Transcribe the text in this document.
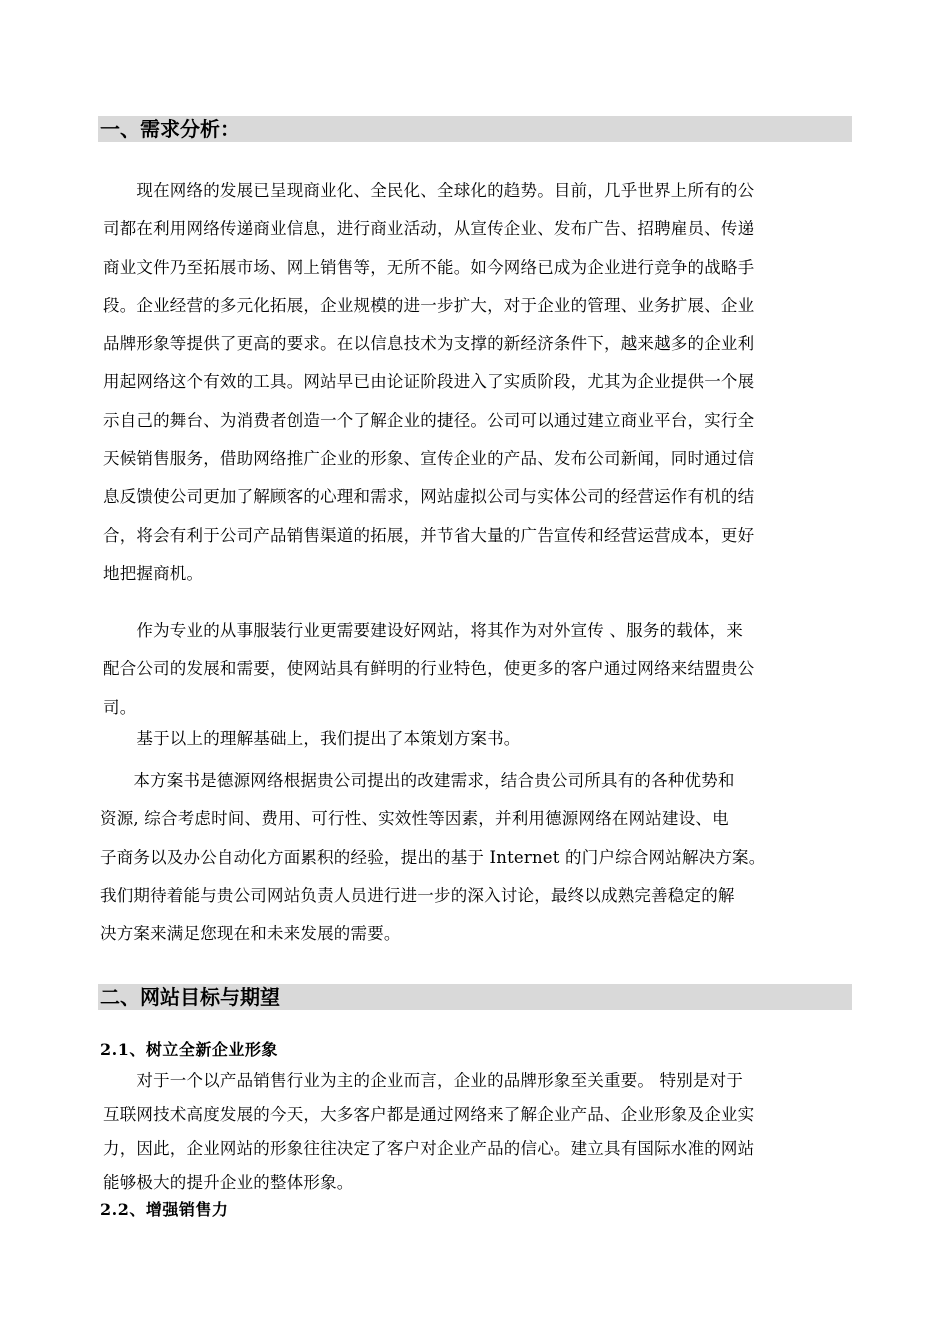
一、需求分析：
　　现在网络的发展已呈现商业化、全民化、全球化的趋势。目前，几乎世界上所有的公
司都在利用网络传递商业信息，进行商业活动，从宣传企业、发布广告、招聘雇员、传递
商业文件乃至拓展市场、网上销售等，无所不能。如今网络已成为企业进行竞争的战略手
段。企业经营的多元化拓展，企业规模的进一步扩大，对于企业的管理、业务扩展、企业
品牌形象等提供了更高的要求。在以信息技术为支撑的新经济条件下，越来越多的企业利
用起网络这个有效的工具。网站早已由论证阶段进入了实质阶段，尤其为企业提供一个展
示自己的舞台、为消费者创造一个了解企业的捷径。公司可以通过建立商业平台，实行全
天候销售服务，借助网络推广企业的形象、宣传企业的产品、发布公司新闻，同时通过信
息反馈使公司更加了解顾客的心理和需求，网站虚拟公司与实体公司的经营运作有机的结
合，将会有利于公司产品销售渠道的拓展，并节省大量的广告宣传和经营运营成本，更好
地把握商机。
　　作为专业的从事服装行业更需要建设好网站，将其作为对外宣传 、服务的载体，来
配合公司的发展和需要，使网站具有鲜明的行业特色，使更多的客户通过网络来结盟贵公
司。
　　基于以上的理解基础上，我们提出了本策划方案书。
　　本方案书是德源网络根据贵公司提出的改建需求，结合贵公司所具有的各种优势和
资源, 综合考虑时间、费用、可行性、实效性等因素，并利用德源网络在网站建设、电
子商务以及办公自动化方面累积的经验，提出的基于 Internet 的门户综合网站解决方案。
我们期待着能与贵公司网站负责人员进行进一步的深入讨论，最终以成熟完善稳定的解
决方案来满足您现在和未来发展的需要。
二、网站目标与期望
2.1、树立全新企业形象
　　对于一个以产品销售行业为主的企业而言，企业的品牌形象至关重要。 特别是对于
互联网技术高度发展的今天，大多客户都是通过网络来了解企业产品、企业形象及企业实
力，因此，企业网站的形象往往决定了客户对企业产品的信心。建立具有国际水准的网站
能够极大的提升企业的整体形象。
2.2、增强销售力
